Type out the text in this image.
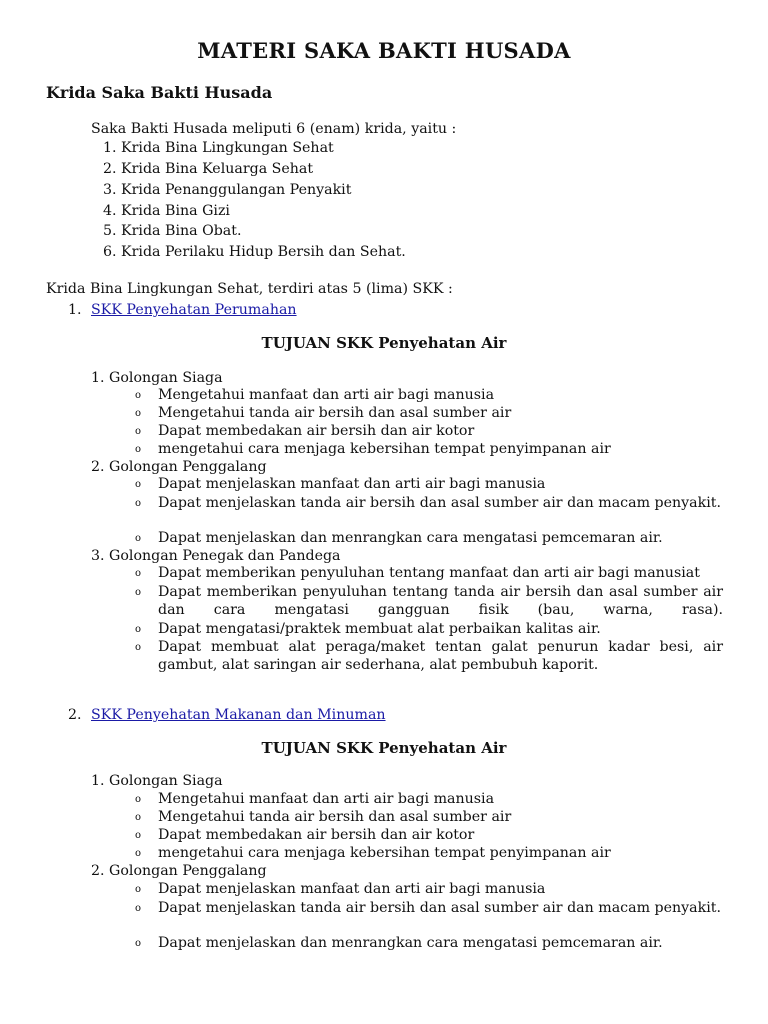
MATERI SAKA BAKTI HUSADA
Krida Saka Bakti Husada
Saka Bakti Husada meliputi 6 (enam) krida, yaitu :
1. Krida Bina Lingkungan Sehat
2. Krida Bina Keluarga Sehat
3. Krida Penanggulangan Penyakit
4. Krida Bina Gizi
5. Krida Bina Obat.
6. Krida Perilaku Hidup Bersih dan Sehat.
Krida Bina Lingkungan Sehat, terdiri atas 5 (lima) SKK :
1. SKK Penyehatan Perumahan
TUJUAN SKK Penyehatan Air
1. Golongan Siaga
o Mengetahui manfaat dan arti air bagi manusia
o Mengetahui tanda air bersih dan asal sumber air
o Dapat membedakan air bersih dan air kotor
o mengetahui cara menjaga kebersihan tempat penyimpanan air
2. Golongan Penggalang
o Dapat menjelaskan manfaat dan arti air bagi manusia
o Dapat menjelaskan tanda air bersih dan asal sumber air dan macam penyakit.
o Dapat menjelaskan dan menrangkan cara mengatasi pemcemaran air.
3. Golongan Penegak dan Pandega
o Dapat memberikan penyuluhan tentang manfaat dan arti air bagi manusiat
o Dapat memberikan penyuluhan tentang tanda air bersih dan asal sumber air dan cara mengatasi gangguan fisik (bau, warna, rasa).
o Dapat mengatasi/praktek membuat alat perbaikan kalitas air.
o Dapat membuat alat peraga/maket tentan galat penurun kadar besi, air gambut, alat saringan air sederhana, alat pembubuh kaporit.
2. SKK Penyehatan Makanan dan Minuman
TUJUAN SKK Penyehatan Air
1. Golongan Siaga
o Mengetahui manfaat dan arti air bagi manusia
o Mengetahui tanda air bersih dan asal sumber air
o Dapat membedakan air bersih dan air kotor
o mengetahui cara menjaga kebersihan tempat penyimpanan air
2. Golongan Penggalang
o Dapat menjelaskan manfaat dan arti air bagi manusia
o Dapat menjelaskan tanda air bersih dan asal sumber air dan macam penyakit.
o Dapat menjelaskan dan menrangkan cara mengatasi pemcemaran air.
